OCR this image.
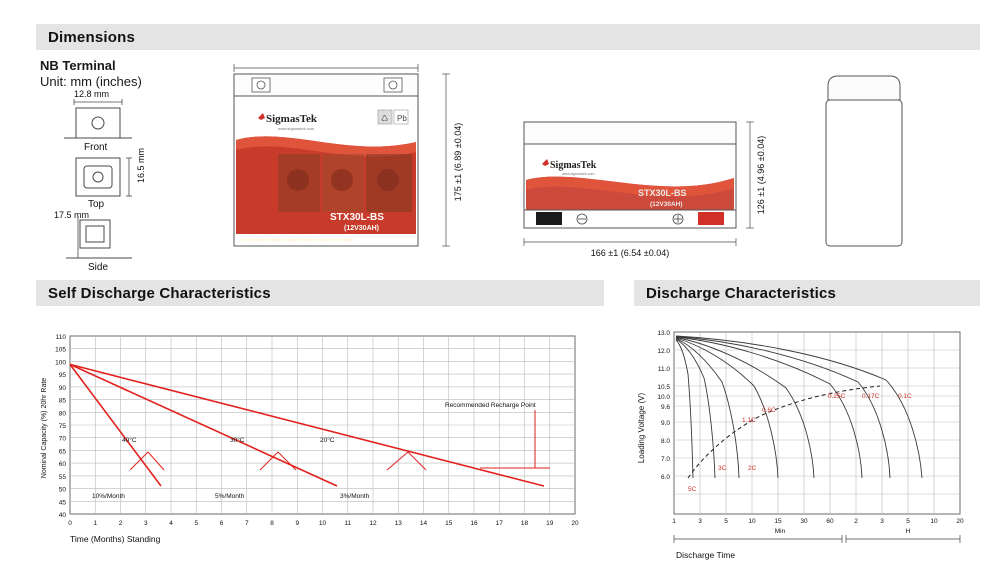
Dimensions
NB Terminal
Unit: mm (inches)
12.8 mm
Front
Top
16.5 mm
17.5 mm
Side
SigmasTek
www.sigmastek.com
♺ Pb
STX30L-BS
(12V30AH)
Power Sports AGM Battery • Superior Performance • Sealed, Non Spillable
175 ±1 (6.89 ±0.04)	SigmasTek
www.sigmastek.com
STX30L-BS
(12V30AH)
166 ±1 (6.54 ±0.04)
126 ±1 (4.96 ±0.04)
Self Discharge Characteristics
110
105
100
95
90
85
80
75
70
65
60
55
50
45
40
0	1	2	3	4	5	6	7	8	9	10	11	12	13	14	15	16	17	18	19	20
Nominal Capacity (%) 20hr Rate
Time (Months) Standing
Recommended Recharge Point
40°C	30°C	20°C
10%/Month	5%/Month	3%/Month
Discharge Characteristics
13.0
12.0
11.0
10.5
10.0
9.6
9.0
8.0
7.0
6.0
1	3	5	10	15	30	60	2	3	5	10	20
Min	H
Loading Voltage (V)
Discharge Time
5C
3C	2C
1.1C
0.6C
0.25C	0.17C	0.1C
